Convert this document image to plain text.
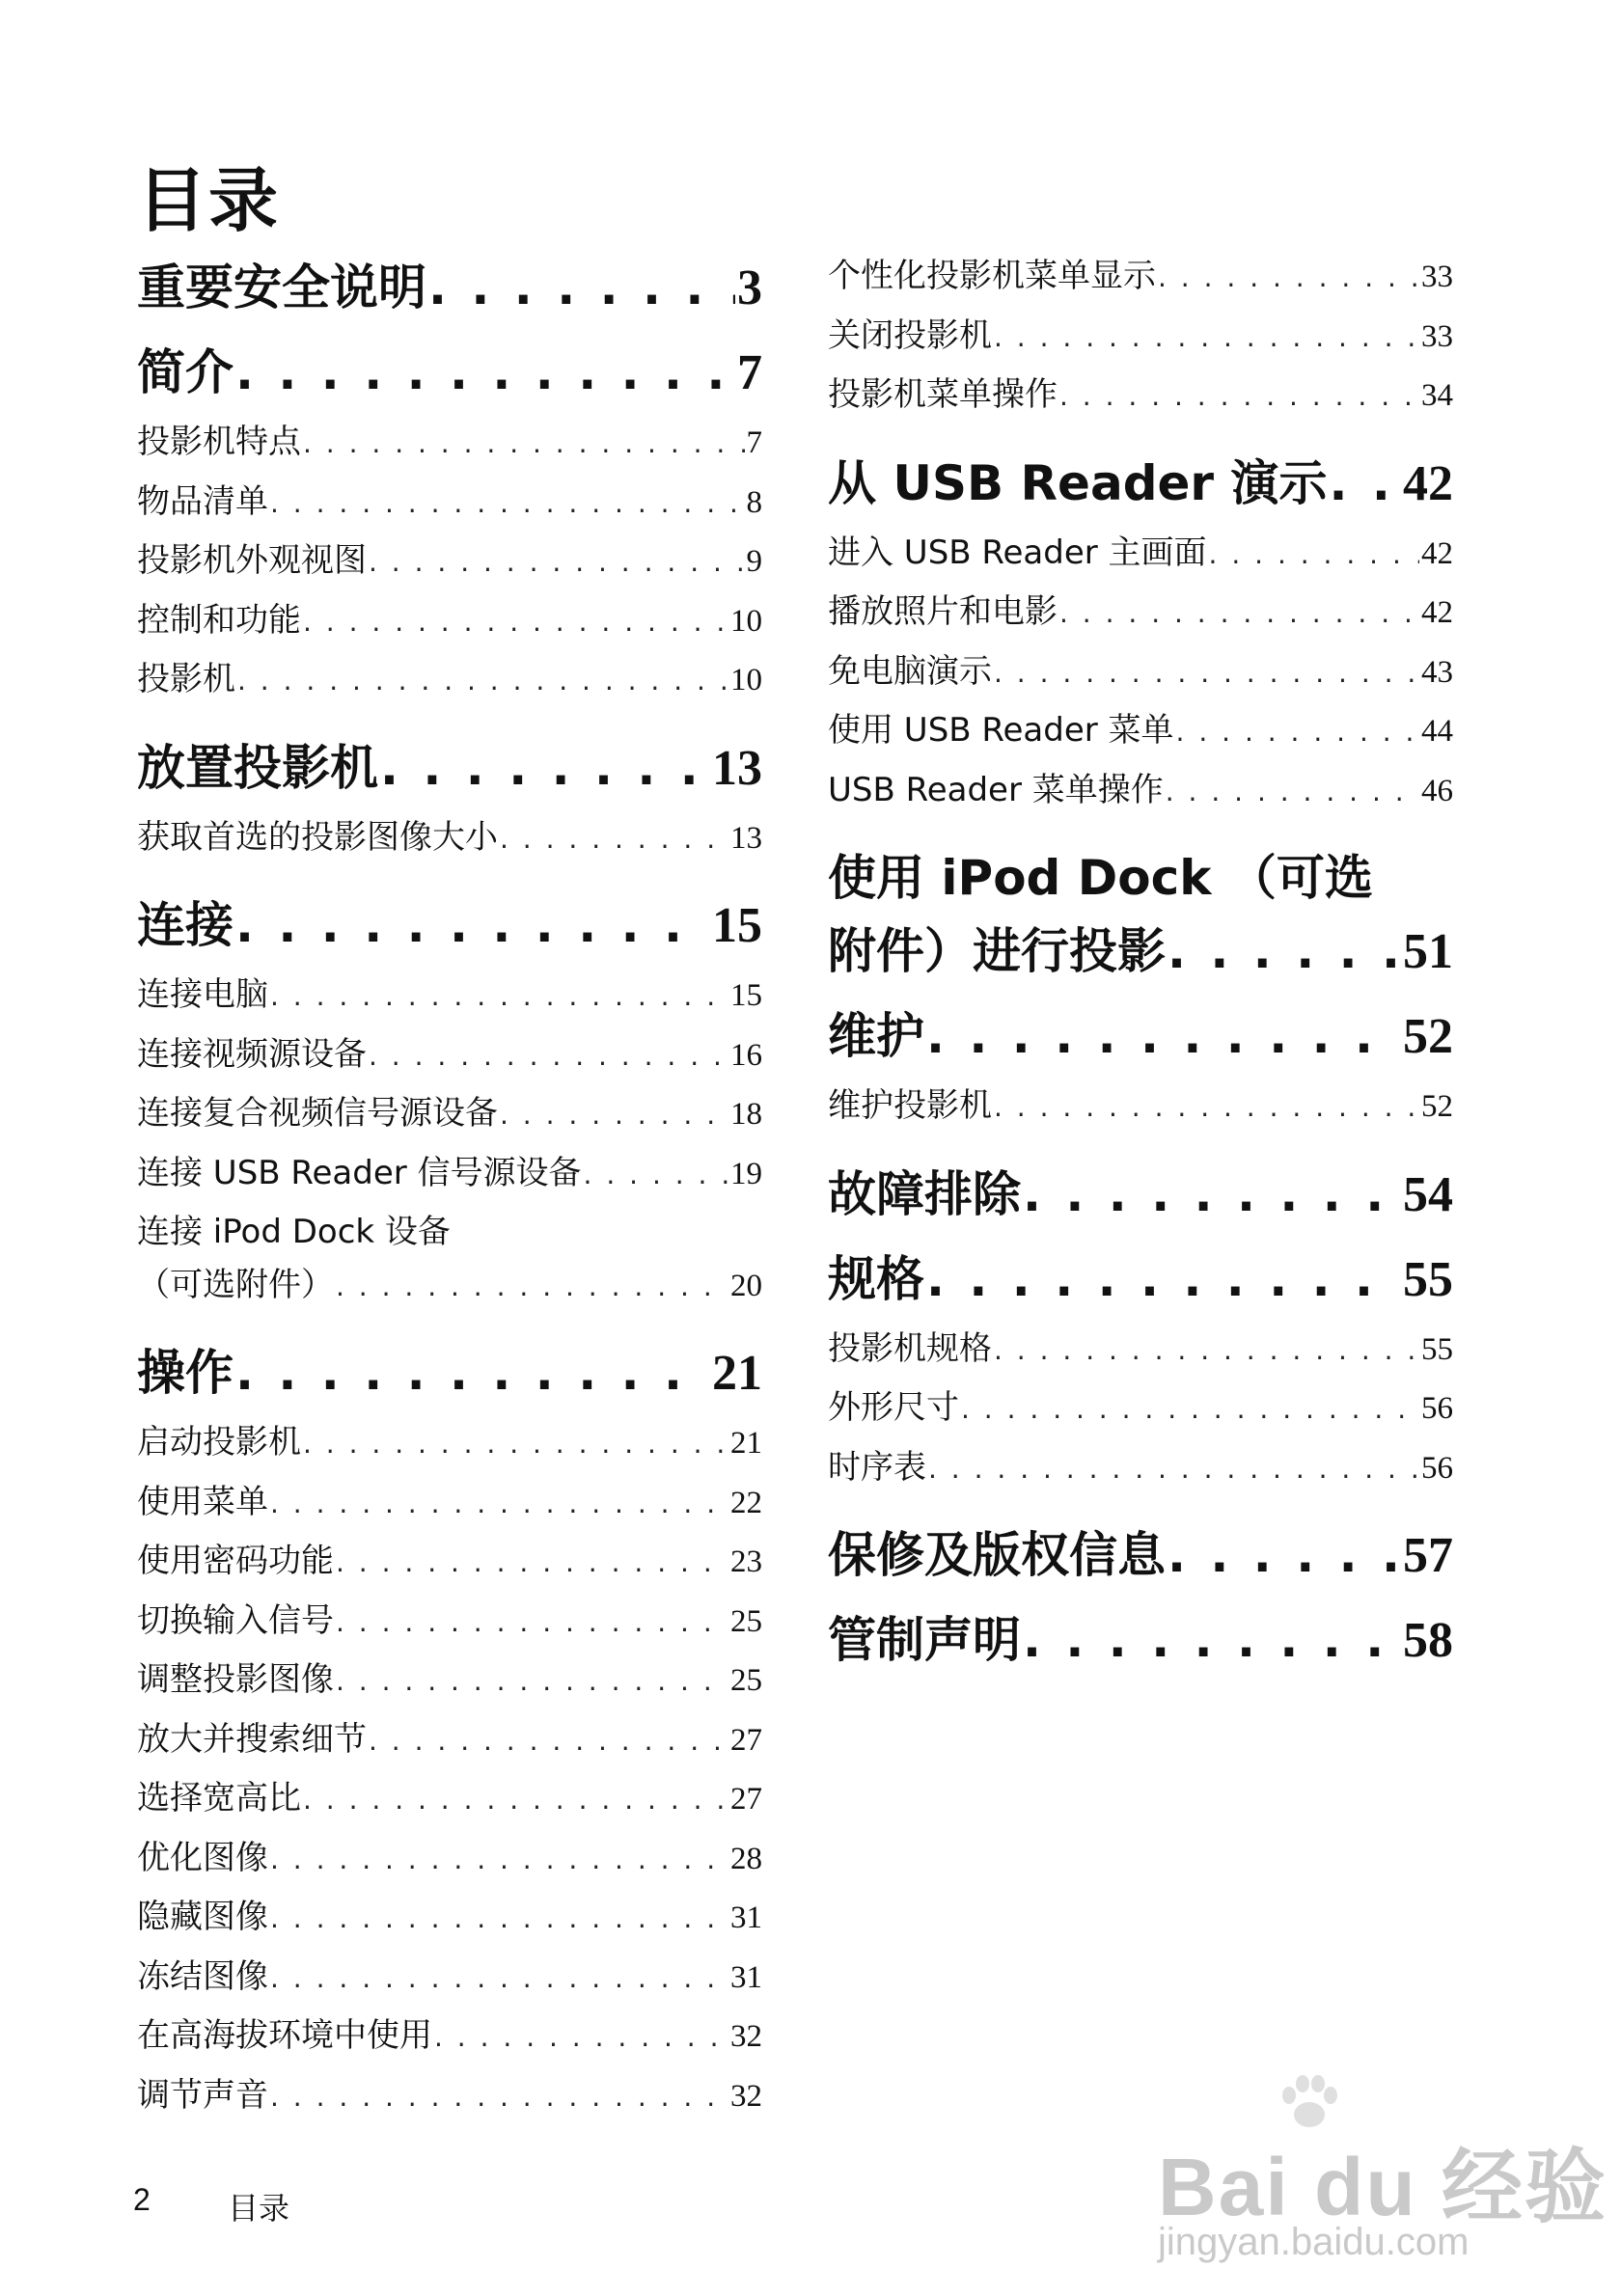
目录
重要安全说明 . . .	3
简介 . . .	7
投影机特点 . . .	7
物品清单 . . .	8
投影机外观视图 . . .	9
控制和功能 . . .	10
投影机 . . .	10
放置投影机 . . .	13
获取首选的投影图像大小 . . .	13
连接 . . .	15
连接电脑 . . .	15
连接视频源设备 . . .	16
连接复合视频信号源设备 . . .	18
连接 USB Reader 信号源设备 . . .	19
连接 iPod Dock 设备
（可选附件） . . .	20
操作 . . .	21
启动投影机 . . .	21
使用菜单 . . .	22
使用密码功能 . . .	23
切换输入信号 . . .	25
调整投影图像 . . .	25
放大并搜索细节 . . .	27
选择宽高比 . . .	27
优化图像 . . .	28
隐藏图像 . . .	31
冻结图像 . . .	31
在高海拔环境中使用 . . .	32
调节声音 . . .	32
个性化投影机菜单显示 . . .	33
关闭投影机 . . .	33
投影机菜单操作 . . .	34
从 USB Reader 演示 . . . 42
进入 USB Reader 主画面 . . .	42
播放照片和电影 . . .	42
免电脑演示 . . .	43
使用 USB Reader 菜单 . . .	44
USB Reader 菜单操作 . . .	46
使用 iPod Dock （可选
附件）进行投影 . . .	51
维护 . . .	52
维护投影机 . . .	52
故障排除 . . .	54
规格 . . .	55
投影机规格 . . .	55
外形尺寸 . . .	56
时序表 . . .	56
保修及版权信息 . . .	57
管制声明 . . .	58
2	目录	Bai du 经验
jingyan.baidu.com
